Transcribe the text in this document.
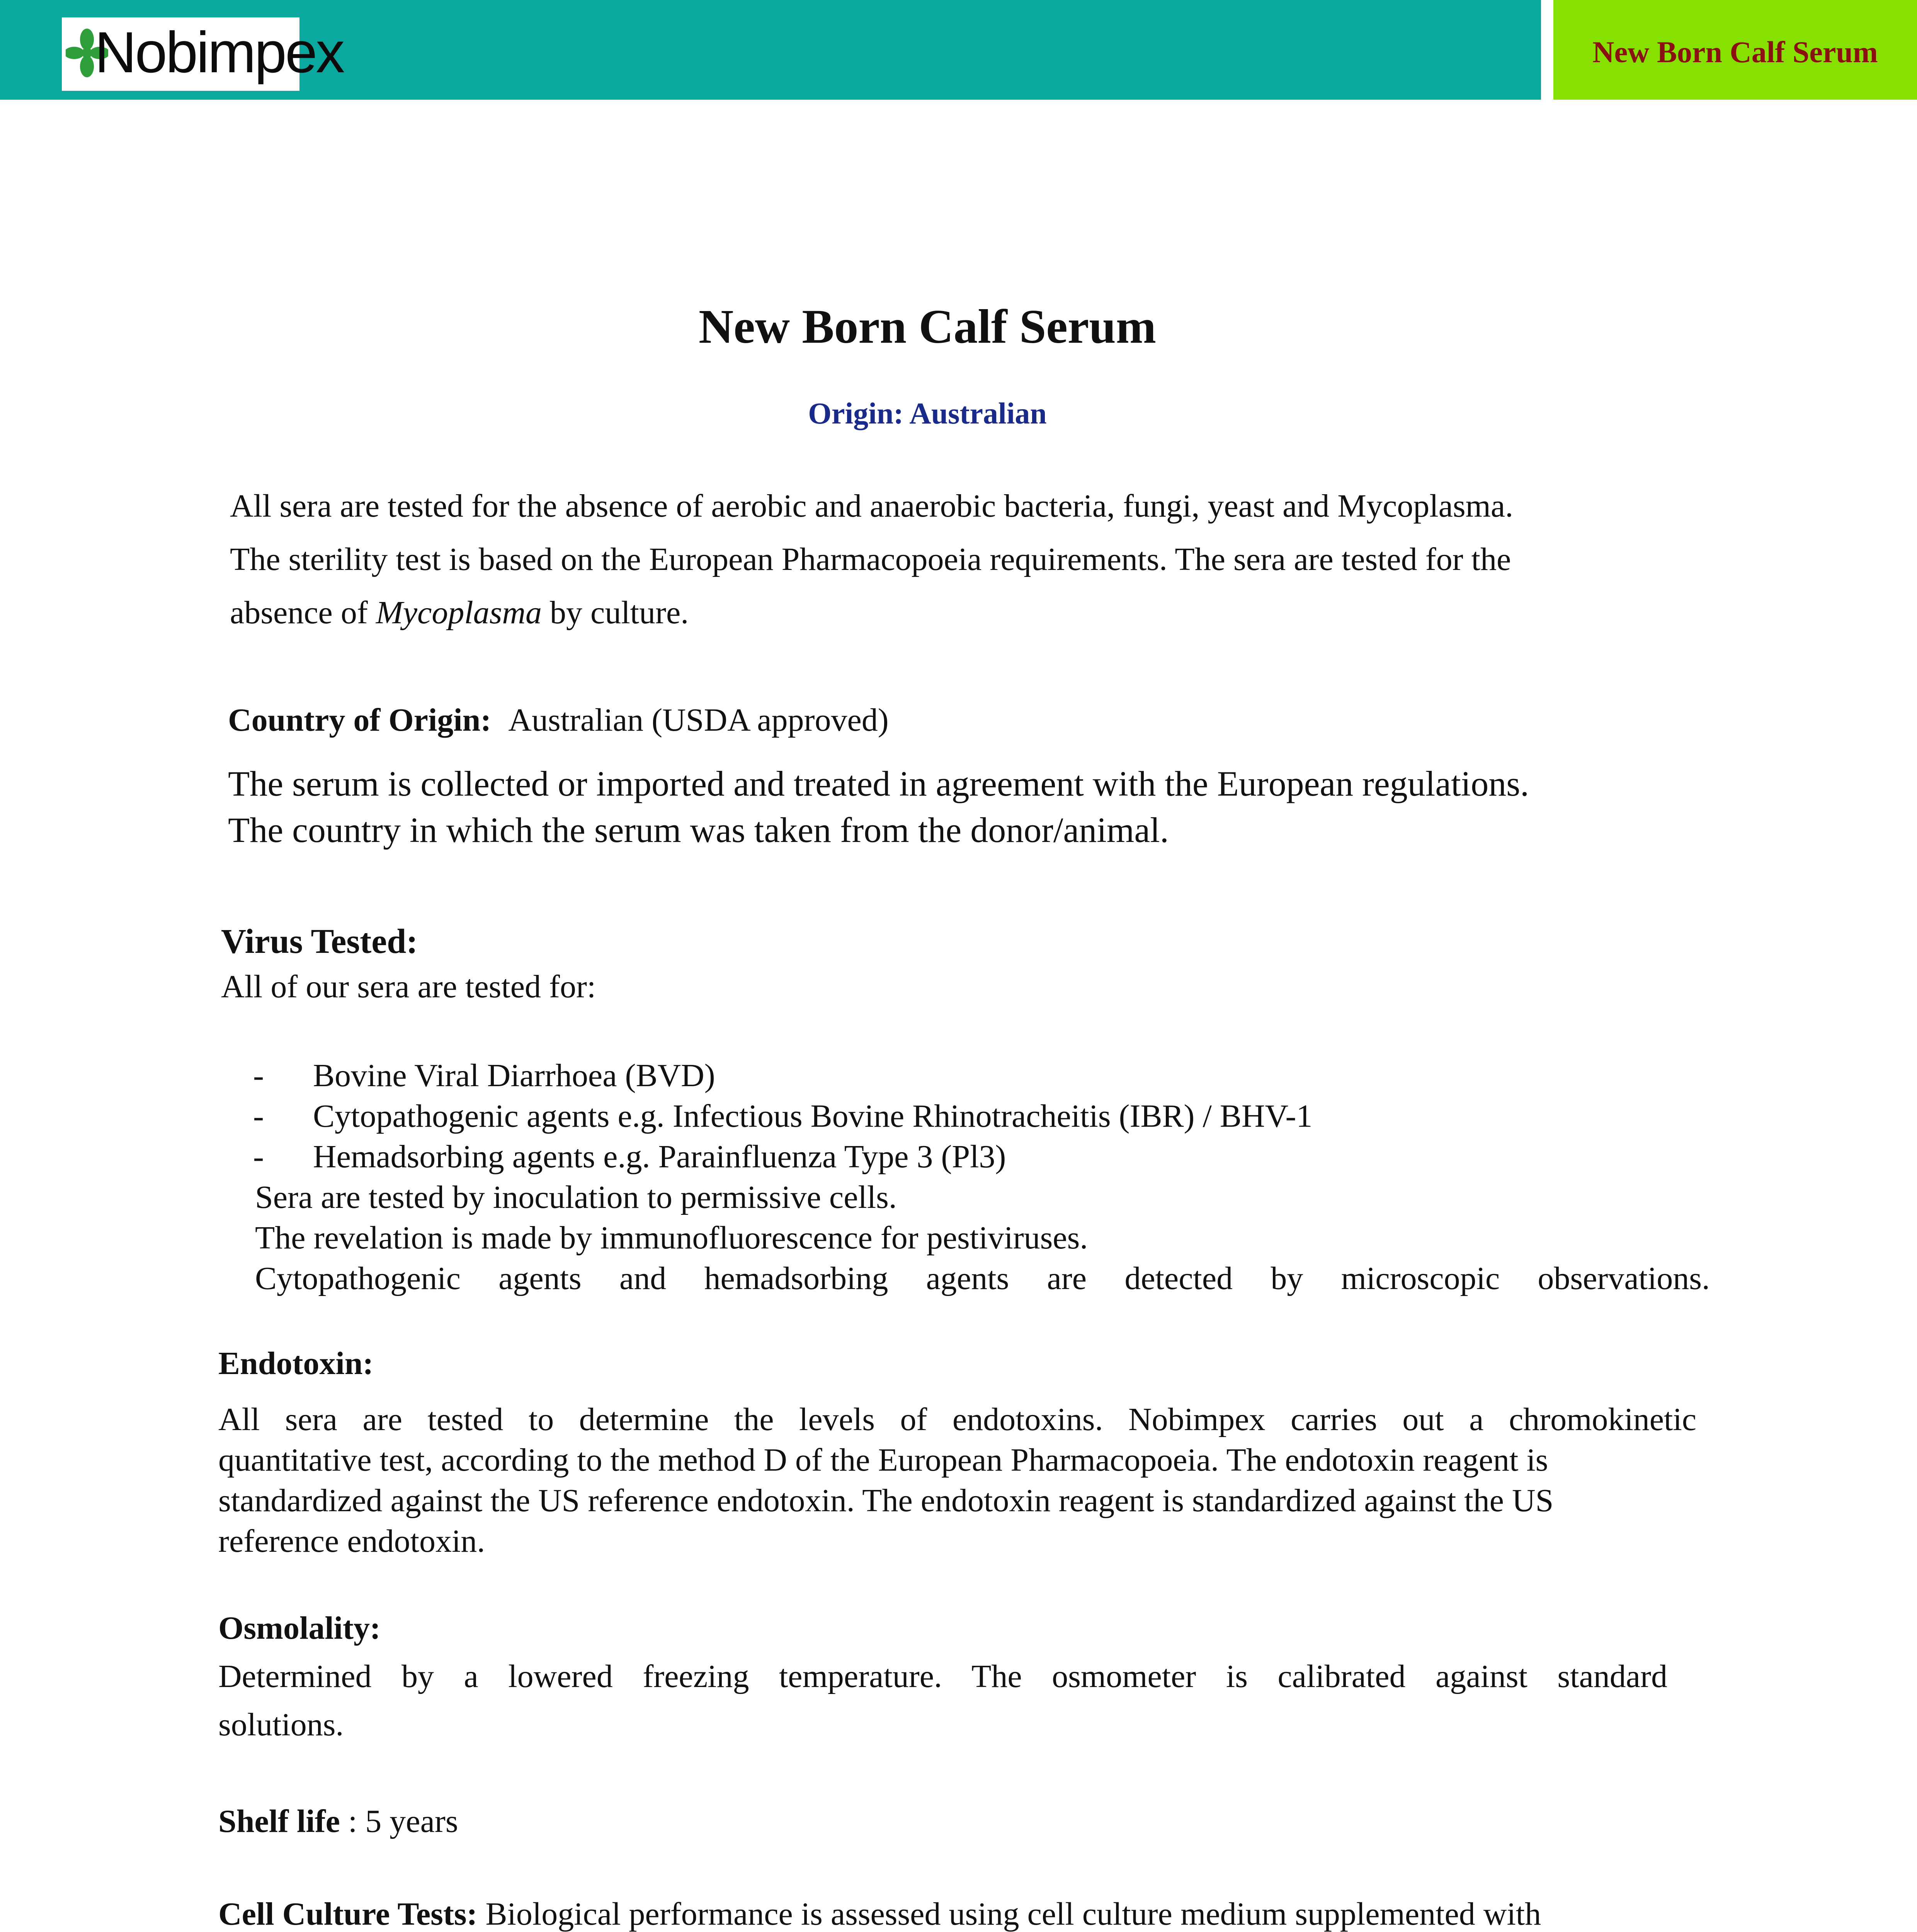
Nobimpex	New Born Calf Serum
New Born Calf Serum
Origin: Australian
All sera are tested for the absence of aerobic and anaerobic bacteria, fungi, yeast and Mycoplasma.
The sterility test is based on the European Pharmacopoeia requirements. The sera are tested for the
absence of Mycoplasma by culture.
Country of Origin: Australian (USDA approved)
The serum is collected or imported and treated in agreement with the European regulations.
The country in which the serum was taken from the donor/animal.
Virus Tested:
All of our sera are tested for:
- Bovine Viral Diarrhoea (BVD)
- Cytopathogenic agents e.g. Infectious Bovine Rhinotracheitis (IBR) / BHV-1
- Hemadsorbing agents e.g. Parainfluenza Type 3 (Pl3)
Sera are tested by inoculation to permissive cells.
The revelation is made by immunofluorescence for pestiviruses.
Cytopathogenic agents and hemadsorbing agents are detected by microscopic observations.
Endotoxin:
All sera are tested to determine the levels of endotoxins. Nobimpex carries out a chromokinetic
quantitative test, according to the method D of the European Pharmacopoeia. The endotoxin reagent is
standardized against the US reference endotoxin. The endotoxin reagent is standardized against the US
reference endotoxin.
Osmolality:
Determined by a lowered freezing temperature. The osmometer is calibrated against standard
solutions.
Shelf life : 5 years
Cell Culture Tests: Biological performance is assessed using cell culture medium supplemented with
